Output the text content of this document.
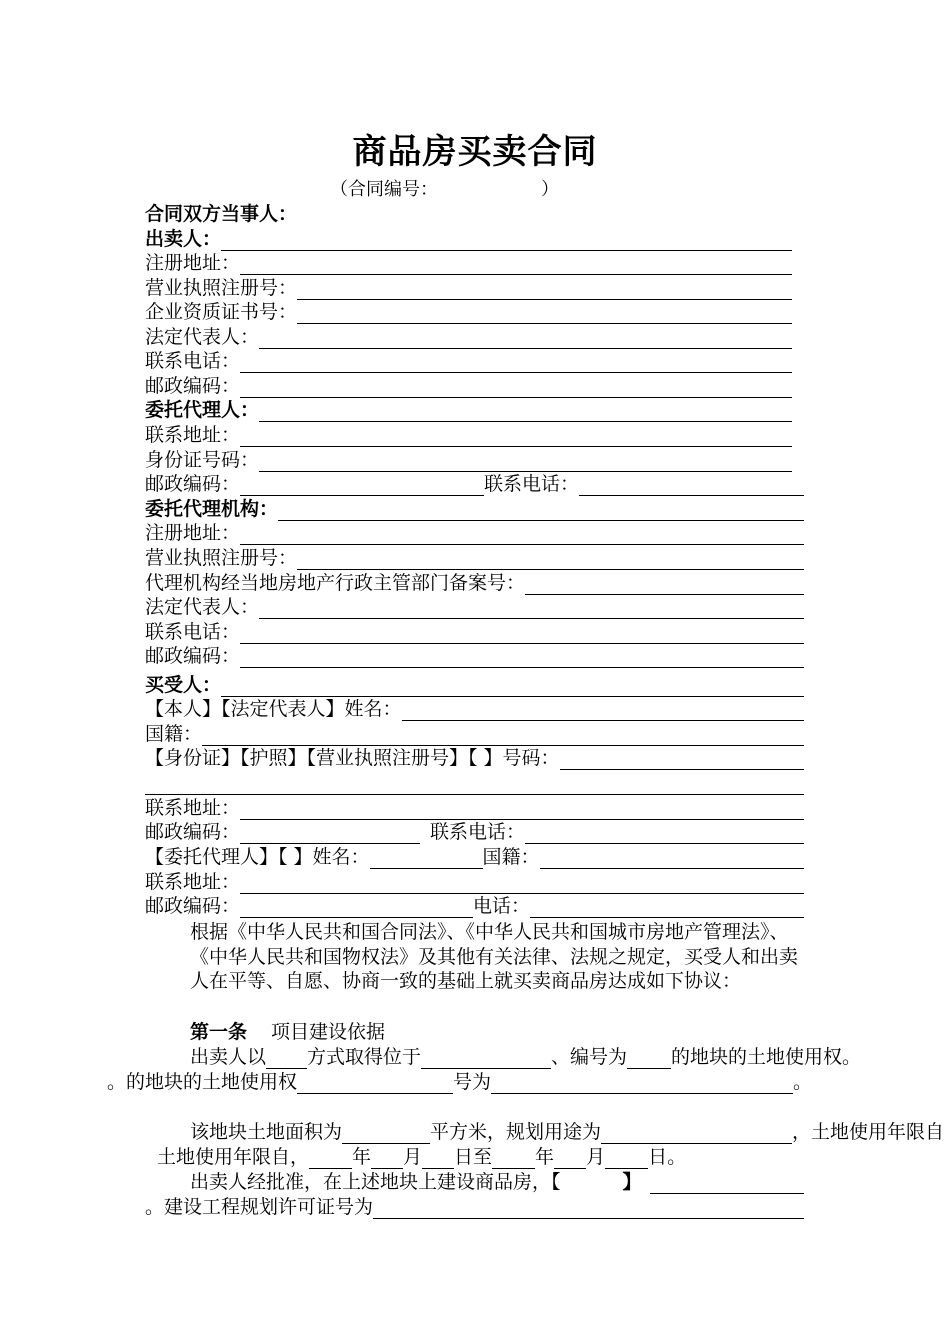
商品房买卖合同
（合同编号：                  ）
合同双方当事人：
出卖人：
注册地址：
营业执照注册号：
企业资质证书号：
法定代表人：
联系电话：
邮政编码：
委托代理人：
联系地址：
身份证号码：
邮政编码：	联系电话：
委托代理机构：
注册地址：
营业执照注册号：
代理机构经当地房地产行政主管部门备案号：
法定代表人：
联系电话：
邮政编码：
买受人：
【本人】【法定代表人】姓名：
国籍：
【身份证】【护照】【营业执照注册号】【 】号码：
联系地址：
邮政编码：	联系电话：
【委托代理人】【 】姓名：	国籍：
联系地址：
邮政编码：	电话：
根据《中华人民共和国合同法》、《中华人民共和国城市房地产管理法》、《中华人民共和国物权法》及其他有关法律、法规之规定，买受人和出卖人在平等、自愿、协商一致的基础上就买卖商品房达成如下协议：
第一条 项目建设依据
出卖人以 方式取得位于	、编号为 的地块的土地使用权。
的地块的土地使用权。	号为	。
该地块土地面积为	平方米，规划用途为	，土地使用年限自
，土地使用年限自 年 月 日至 年 月 日。
出卖人经批准，在上述地块上建设商品房，【	】
。建设工程规划许可证号为
